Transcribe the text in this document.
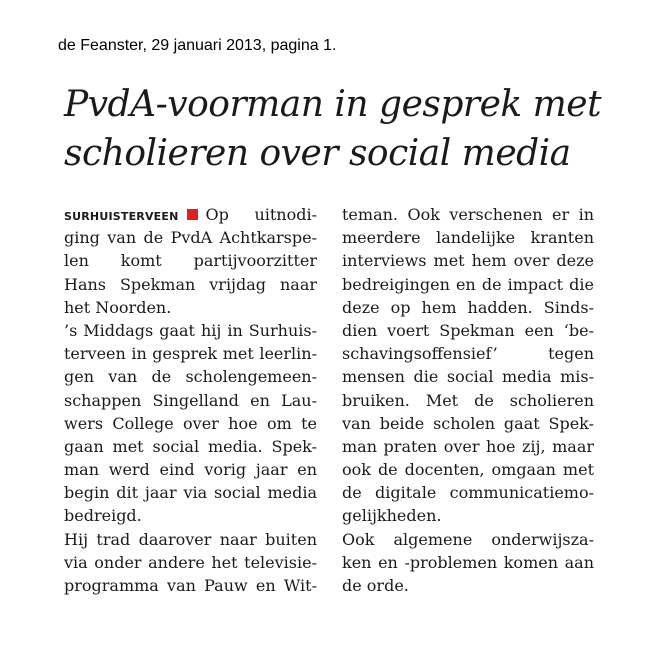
de Feanster, 29 januari 2013, pagina 1.
PvdA-voorman in gesprek met
scholieren over social media
SURHUISTERVEEN Op uitnodi-
ging van de PvdA Achtkarspe-
len komt partijvoorzitter
Hans Spekman vrijdag naar
het Noorden.
’s Middags gaat hij in Surhuis-
terveen in gesprek met leerlin-
gen van de scholengemeen-
schappen Singelland en Lau-
wers College over hoe om te
gaan met social media. Spek-
man werd eind vorig jaar en
begin dit jaar via social media
bedreigd.
Hij trad daarover naar buiten
via onder andere het televisie-
programma van Pauw en Wit-
teman. Ook verschenen er in
meerdere landelijke kranten
interviews met hem over deze
bedreigingen en de impact die
deze op hem hadden. Sinds-
dien voert Spekman een ‘be-
schavingsoffensief’ tegen
mensen die social media mis-
bruiken. Met de scholieren
van beide scholen gaat Spek-
man praten over hoe zij, maar
ook de docenten, omgaan met
de digitale communicatiemo-
gelijkheden.
Ook algemene onderwijsza-
ken en -problemen komen aan
de orde.
